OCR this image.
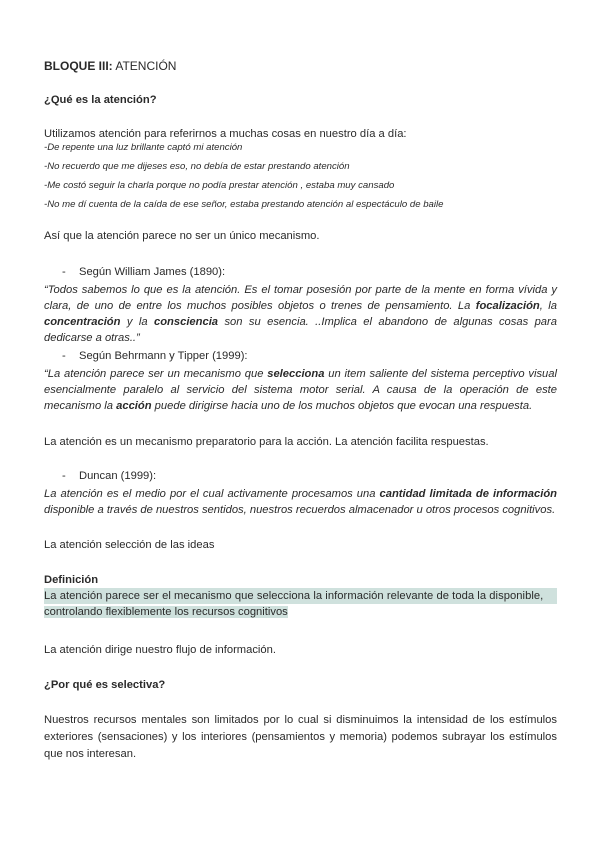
BLOQUE III: ATENCIÓN

¿Qué es la atención?

Utilizamos atención para referirnos a muchas cosas en nuestro día a día:

-De repente una luz brillante captó mi atención
-No recuerdo que me dijeses eso, no debía de estar prestando atención
-Me costó seguir la charla porque no podía prestar atención , estaba muy cansado
-No me dí cuenta de la caída de ese señor, estaba prestando atención al espectáculo de baile

Así que la atención parece no ser un único mecanismo.

- Según William James (1890):

“Todos sabemos lo que es la atención. Es el tomar posesión por parte de la mente en forma vívida y clara, de uno de entre los muchos posibles objetos o trenes de pensamiento. La focalización, la concentración y la consciencia son su esencia. ..Implica el abandono de algunas cosas para dedicarse a otras..”

- Según Behrmann y Tipper (1999):

“La atención parece ser un mecanismo que selecciona un item saliente del sistema perceptivo visual esencialmente paralelo al servicio del sistema motor serial. A causa de la operación de este mecanismo la acción puede dirigirse hacia uno de los muchos objetos que evocan una respuesta.

La atención es un mecanismo preparatorio para la acción. La atención facilita respuestas.

- Duncan (1999):

La atención es el medio por el cual activamente procesamos una cantidad limitada de información disponible a través de nuestros sentidos, nuestros recuerdos almacenador u otros procesos cognitivos.

La atención selección de las ideas

Definición

La atención parece ser el mecanismo que selecciona la información relevante de toda la disponible,
controlando flexiblemente los recursos cognitivos

La atención dirige nuestro flujo de información.

¿Por qué es selectiva?

Nuestros recursos mentales son limitados por lo cual si disminuimos la intensidad de los estímulos exteriores (sensaciones) y los interiores (pensamientos y memoria) podemos subrayar los estímulos que nos interesan.
